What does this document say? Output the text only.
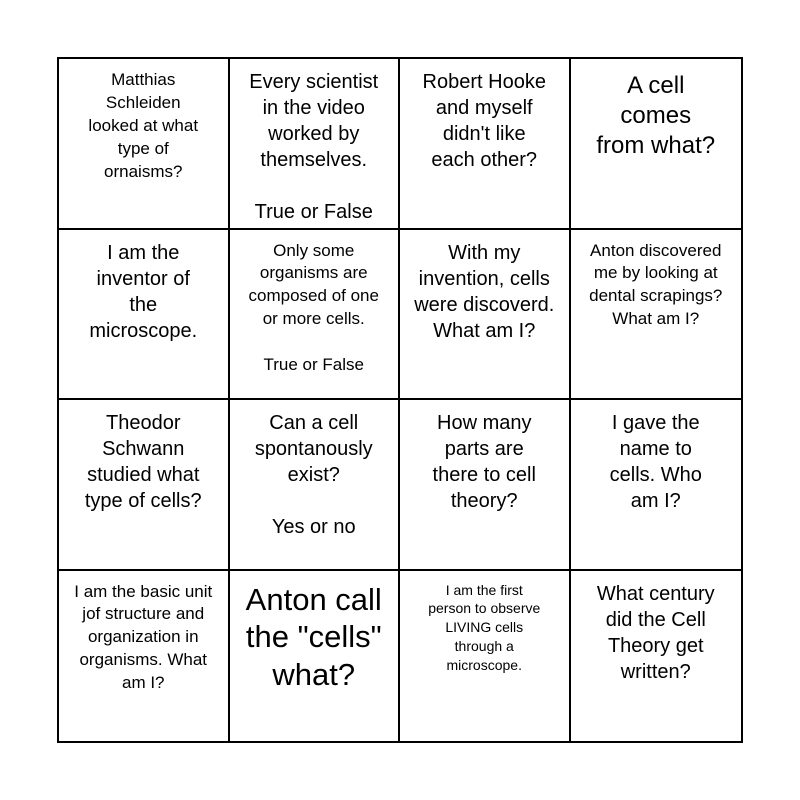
Matthias
Schleiden
looked at what
type of
ornaisms?
Every scientist
in the video
worked by
themselves.

True or False
Robert Hooke
and myself
didn't like
each other?
A cell
comes
from what?
I am the
inventor of
the
microscope.
Only some
organisms are
composed of one
or more cells.

True or False
With my
invention, cells
were discoverd.
What am I?
Anton discovered
me by looking at
dental scrapings?
What am I?
Theodor
Schwann
studied what
type of cells?
Can a cell
spontanously
exist?

Yes or no
How many
parts are
there to cell
theory?
I gave the
name to
cells. Who
am I?
I am the basic unit
jof structure and
organization in
organisms. What
am I?
Anton call
the "cells"
what?
I am the first
person to observe
LIVING cells
through a
microscope.
What century
did the Cell
Theory get
written?
